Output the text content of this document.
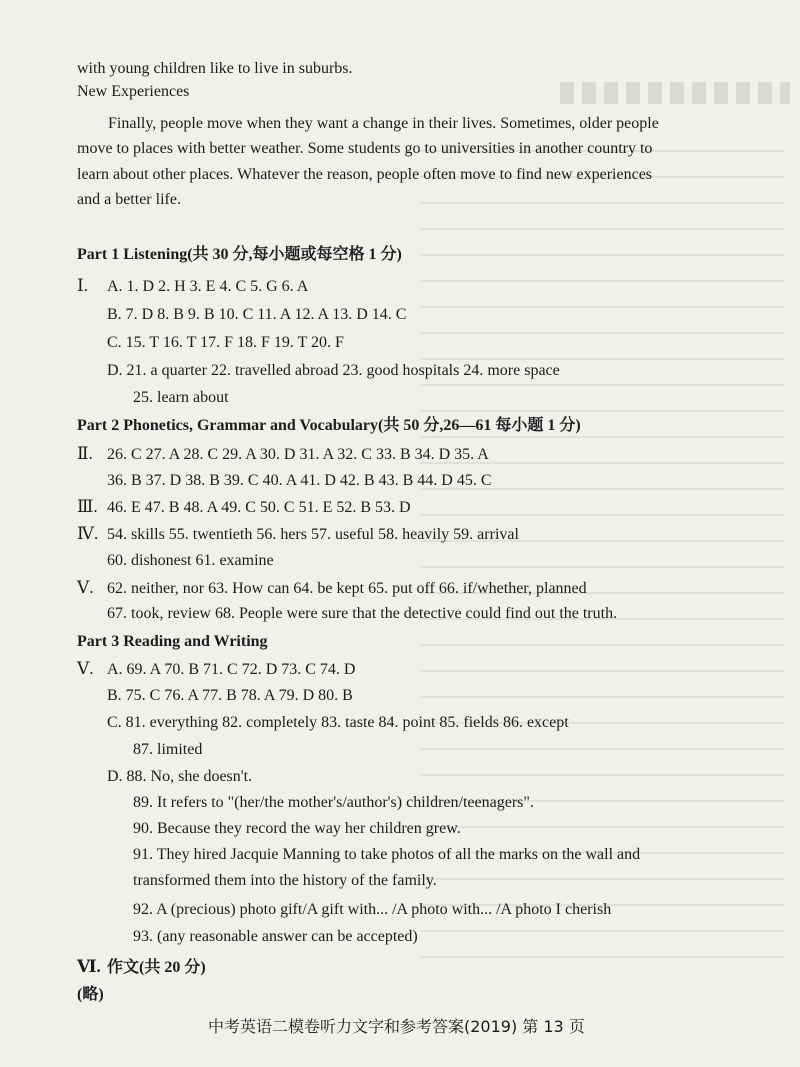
with young children like to live in suburbs.
New Experiences
Finally, people move when they want a change in their lives. Sometimes, older people
move to places with better weather. Some students go to universities in another country to
learn about other places. Whatever the reason, people often move to find new experiences
and a better life.
Part 1 Listening(共 30 分,每小题或每空格 1 分)
Ⅰ. A. 1. D 2. H 3. E 4. C 5. G 6. A
B. 7. D 8. B 9. B 10. C 11. A 12. A 13. D 14. C
C. 15. T 16. T 17. F 18. F 19. T 20. F
D. 21. a quarter 22. travelled abroad 23. good hospitals 24. more space
25. learn about
Part 2 Phonetics, Grammar and Vocabulary(共 50 分,26—61 每小题 1 分)
Ⅱ. 26. C 27. A 28. C 29. A 30. D 31. A 32. C 33. B 34. D 35. A
36. B 37. D 38. B 39. C 40. A 41. D 42. B 43. B 44. D 45. C
Ⅲ. 46. E 47. B 48. A 49. C 50. C 51. E 52. B 53. D
Ⅳ. 54. skills 55. twentieth 56. hers 57. useful 58. heavily 59. arrival
60. dishonest 61. examine
Ⅴ. 62. neither, nor 63. How can 64. be kept 65. put off 66. if/whether, planned
67. took, review 68. People were sure that the detective could find out the truth.
Part 3 Reading and Writing
Ⅴ. A. 69. A 70. B 71. C 72. D 73. C 74. D
B. 75. C 76. A 77. B 78. A 79. D 80. B
C. 81. everything 82. completely 83. taste 84. point 85. fields 86. except
87. limited
D. 88. No, she doesn't.
89. It refers to "(her/the mother's/author's) children/teenagers".
90. Because they record the way her children grew.
91. They hired Jacquie Manning to take photos of all the marks on the wall and
transformed them into the history of the family.
92. A (precious) photo gift/A gift with... /A photo with... /A photo I cherish
93. (any reasonable answer can be accepted)
Ⅵ. 作文(共 20 分)
(略)
中考英语二模卷听力文字和参考答案(2019) 第 13 页
